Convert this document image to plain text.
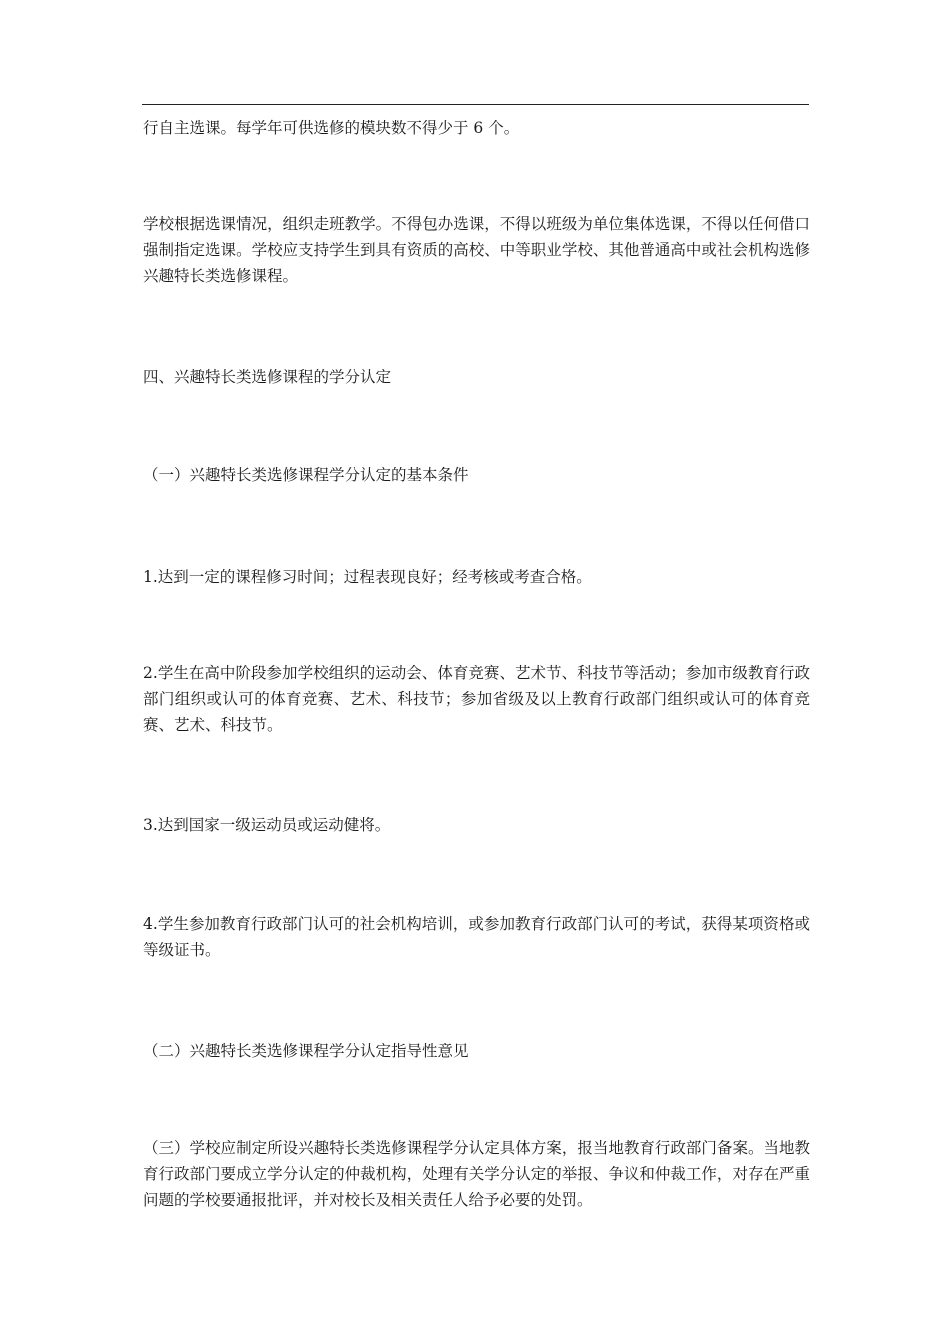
行自主选课。每学年可供选修的模块数不得少于 6 个。

学校根据选课情况，组织走班教学。不得包办选课，不得以班级为单位集体选课，不得以任何借口强制指定选课。学校应支持学生到具有资质的高校、中等职业学校、其他普通高中或社会机构选修兴趣特长类选修课程。

四、兴趣特长类选修课程的学分认定

（一）兴趣特长类选修课程学分认定的基本条件

1.达到一定的课程修习时间；过程表现良好；经考核或考查合格。

2.学生在高中阶段参加学校组织的运动会、体育竞赛、艺术节、科技节等活动；参加市级教育行政部门组织或认可的体育竞赛、艺术、科技节；参加省级及以上教育行政部门组织或认可的体育竞赛、艺术、科技节。

3.达到国家一级运动员或运动健将。

4.学生参加教育行政部门认可的社会机构培训，或参加教育行政部门认可的考试，获得某项资格或等级证书。

（二）兴趣特长类选修课程学分认定指导性意见

（三）学校应制定所设兴趣特长类选修课程学分认定具体方案，报当地教育行政部门备案。当地教育行政部门要成立学分认定的仲裁机构，处理有关学分认定的举报、争议和仲裁工作，对存在严重问题的学校要通报批评，并对校长及相关责任人给予必要的处罚。
